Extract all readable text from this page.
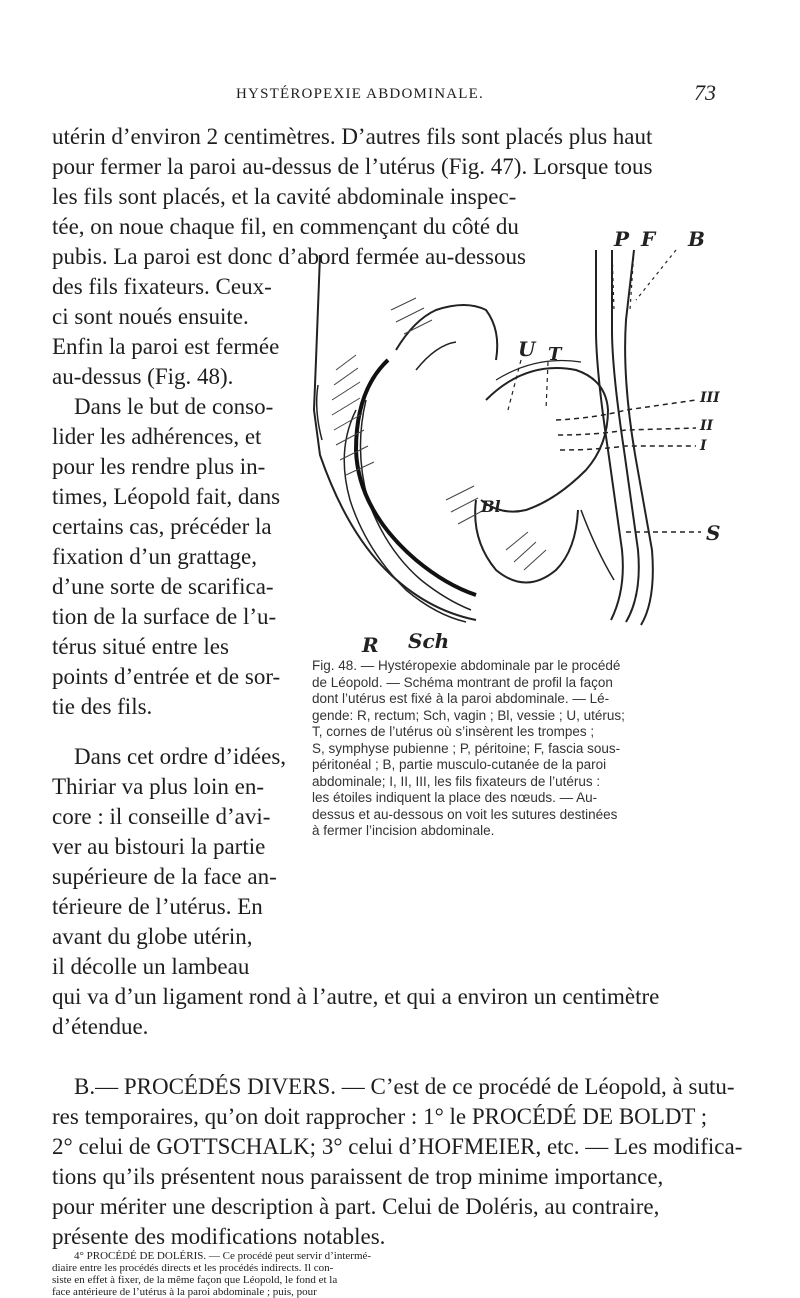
HYSTÉROPEXIE ABDOMINALE.	73
utérin d’environ 2 centimètres. D’autres fils sont placés plus haut
pour fermer la paroi au-dessus de l’utérus (Fig. 47). Lorsque tous
les fils sont placés, et la cavité abdominale inspec-
tée, on noue chaque fil, en commençant du côté du
pubis. La paroi est donc d’abord fermée au-dessous
des fils fixateurs. Ceux-
ci sont noués ensuite.
Enfin la paroi est fermée
au-dessus (Fig. 48).
Dans le but de conso-
lider les adhérences, et
pour les rendre plus in-
times, Léopold fait, dans
certains cas, précéder la
fixation d’un grattage,
d’une sorte de scarifica-
tion de la surface de l’u-
térus situé entre les
points d’entrée et de sor-
tie des fils.
Dans cet ordre d’idées,
Thiriar va plus loin en-
core : il conseille d’avi-
ver au bistouri la partie
supérieure de la face an-
térieure de l’utérus. En
avant du globe utérin,
il décolle un lambeau
qui va d’un ligament rond à l’autre, et qui a environ un centimètre
d’étendue.
P F B
U T
III
II
I
S
Bl
R Sch

Fig. 48. — Hystéropexie abdominale par le procédé

de Léopold. — Schéma montrant de profil la façon

dont l’utérus est fixé à la paroi abdominale. — Lé-

gende: R, rectum; Sch, vagin ; Bl, vessie ; U, utérus;

T, cornes de l’utérus où s’insèrent les trompes ;

S, symphyse pubienne ; P, péritoine; F, fascia sous-

péritonéal ; B, partie musculo-cutanée de la paroi

abdominale; I, II, III, les fils fixateurs de l’utérus :

les étoiles indiquent la place des nœuds. — Au-

dessus et au-dessous on voit les sutures destinées

à fermer l’incision abdominale.

B.— PROCÉDÉS DIVERS. — C’est de ce procédé de Léopold, à sutu-
res temporaires, qu’on doit rapprocher : 1° le PROCÉDÉ DE BOLDT ;
2° celui de GOTTSCHALK; 3° celui d’HOFMEIER, etc. — Les modifica-
tions qu’ils présentent nous paraissent de trop minime importance,
pour mériter une description à part. Celui de Doléris, au contraire,
présente des modifications notables.
4° PROCÉDÉ DE DOLÉRIS. — Ce procédé peut servir d’intermé-
diaire entre les procédés directs et les procédés indirects. Il con-
siste en effet à fixer, de la même façon que Léopold, le fond et la
face antérieure de l’utérus à la paroi abdominale ; puis, pour
